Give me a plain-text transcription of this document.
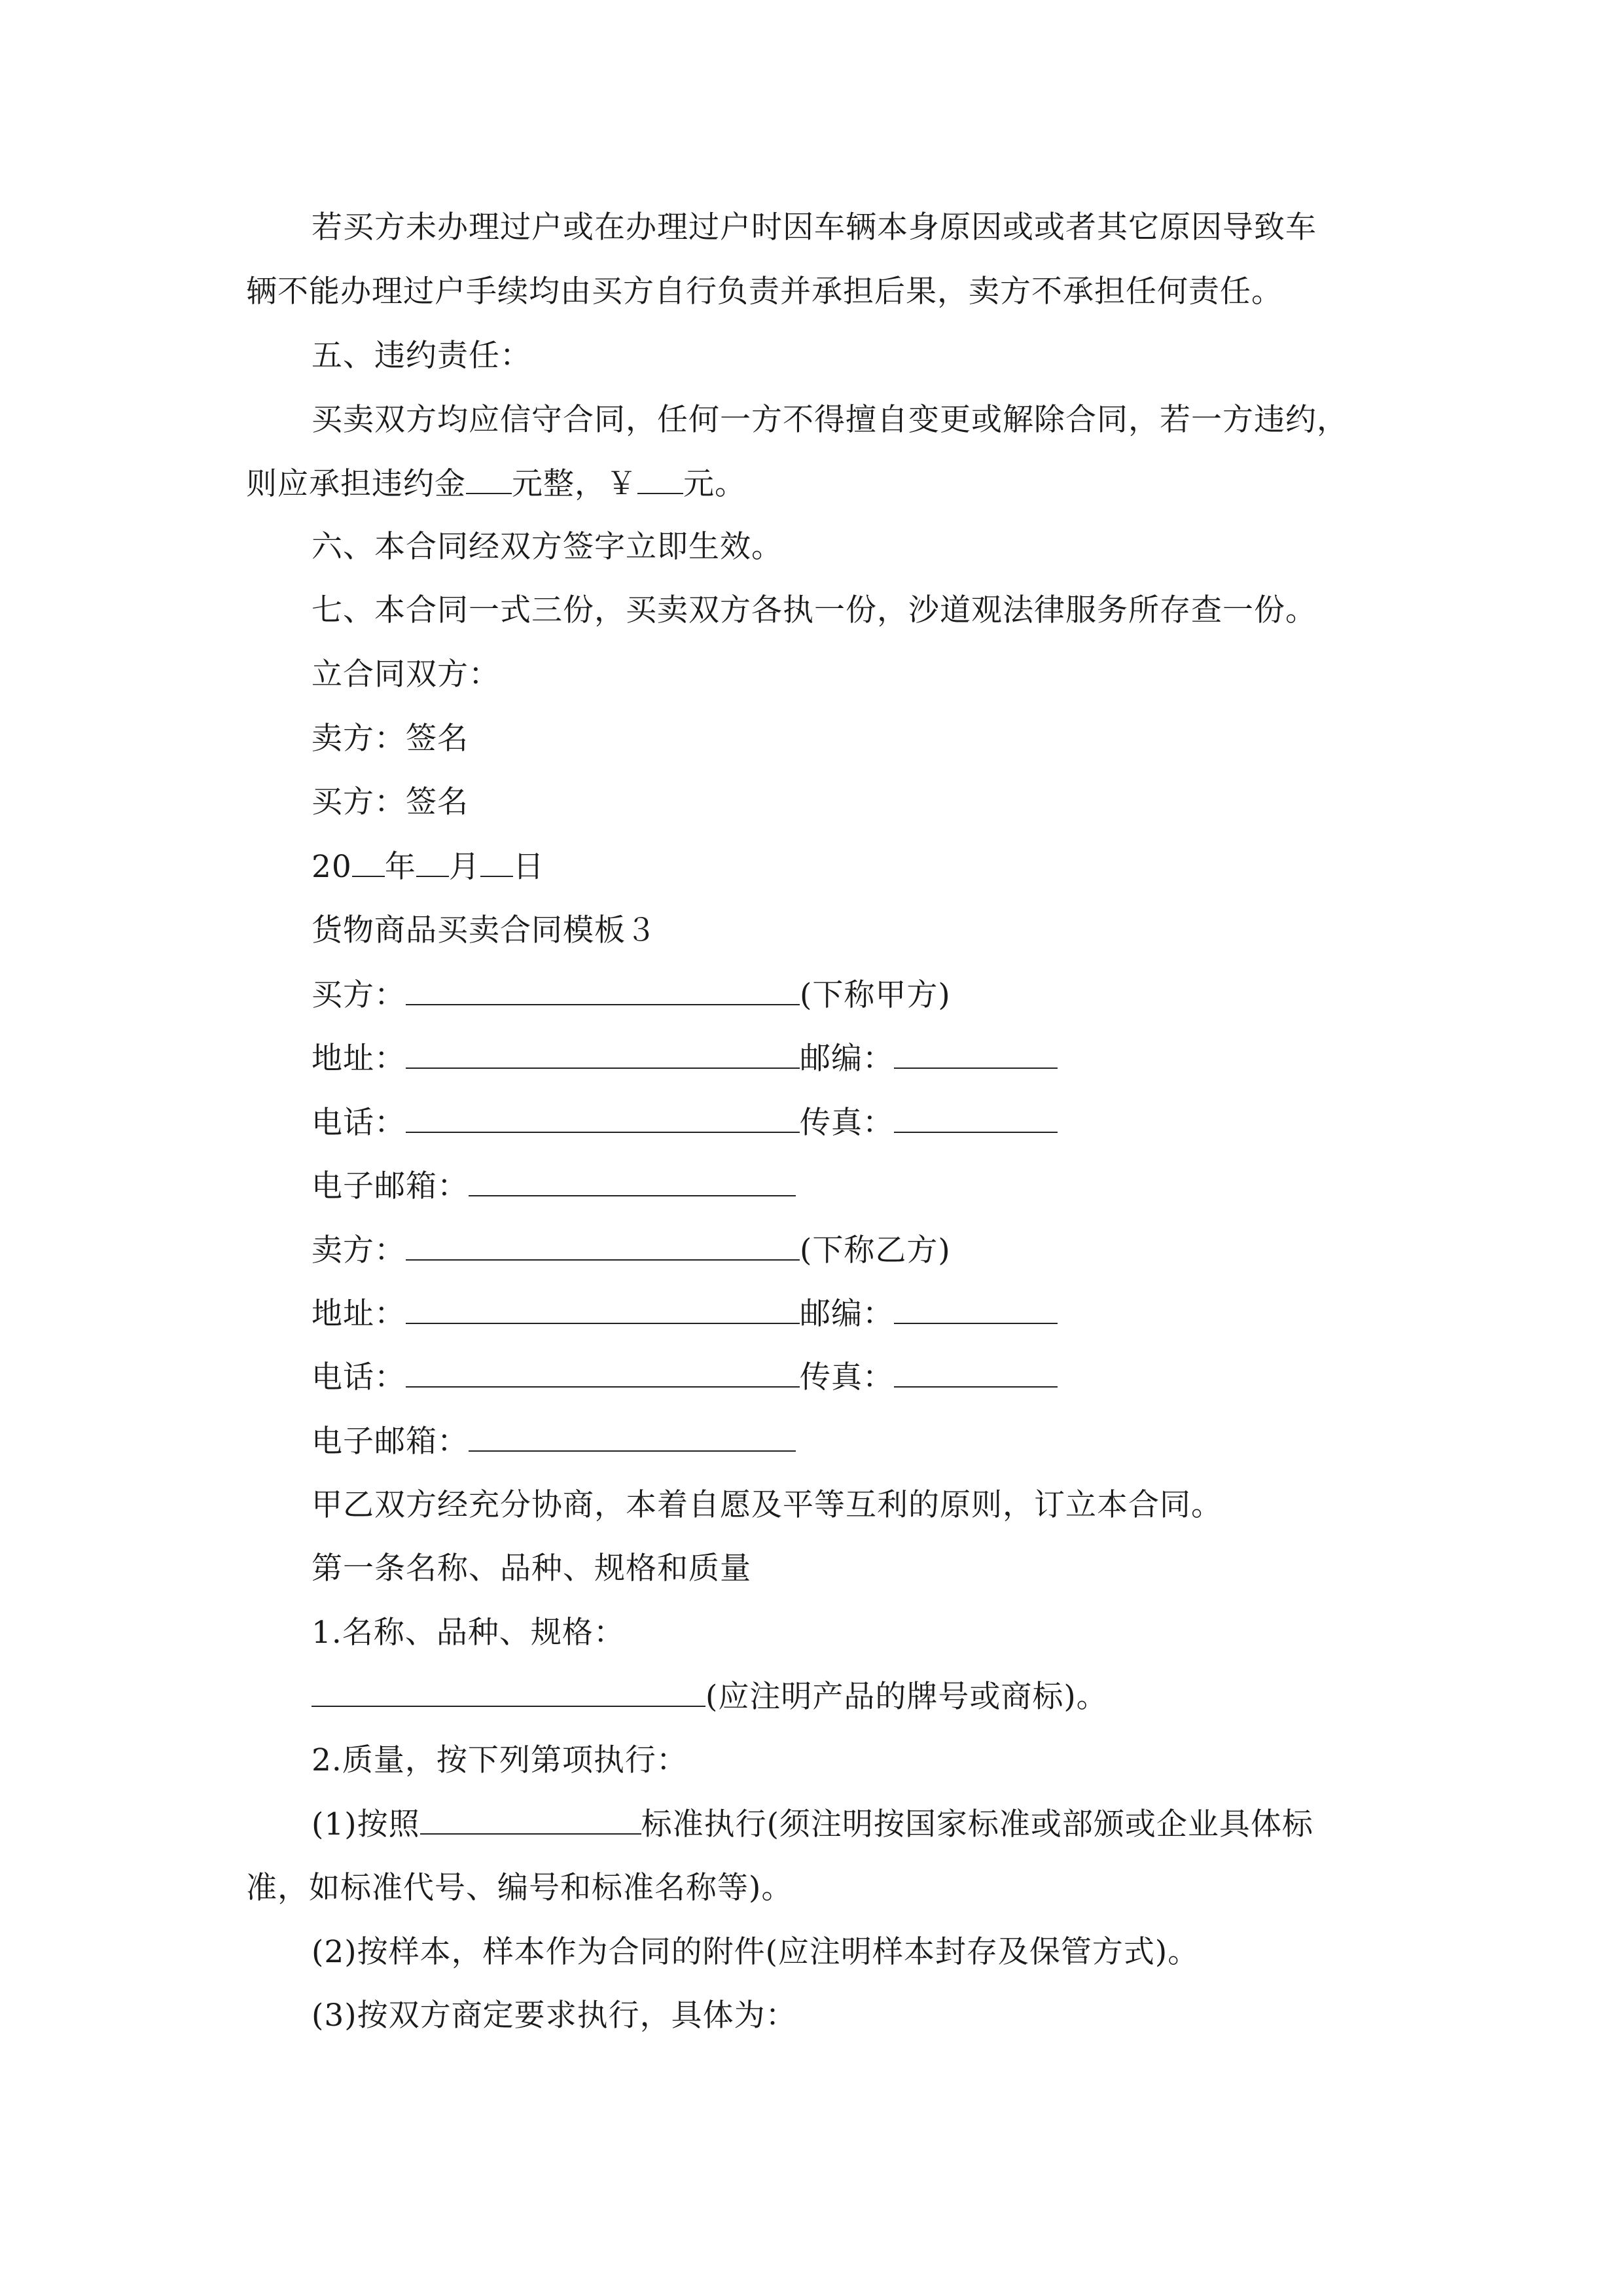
若买方未办理过户或在办理过户时因车辆本身原因或或者其它原因导致车
辆不能办理过户手续均由买方自行负责并承担后果，卖方不承担任何责任。
五、违约责任：
买卖双方均应信守合同，任何一方不得擅自变更或解除合同，若一方违约，
则应承担违约金 元整，￥ 元。
六、本合同经双方签字立即生效。
七、本合同一式三份，买卖双方各执一份，沙道观法律服务所存查一份。
立合同双方：
卖方：签名
买方：签名
20 年 月 日
货物商品买卖合同模板３
买方：	(下称甲方)
地址：	邮编：
电话：	传真：
电子邮箱：
卖方：	(下称乙方)
地址：	邮编：
电话：	传真：
电子邮箱：
甲乙双方经充分协商，本着自愿及平等互利的原则，订立本合同。
第一条名称、品种、规格和质量
1.名称、品种、规格：
(应注明产品的牌号或商标)。
2.质量，按下列第项执行：
(1)按照	标准执行(须注明按国家标准或部颁或企业具体标
准，如标准代号、编号和标准名称等)。
(2)按样本，样本作为合同的附件(应注明样本封存及保管方式)。
(3)按双方商定要求执行，具体为：
